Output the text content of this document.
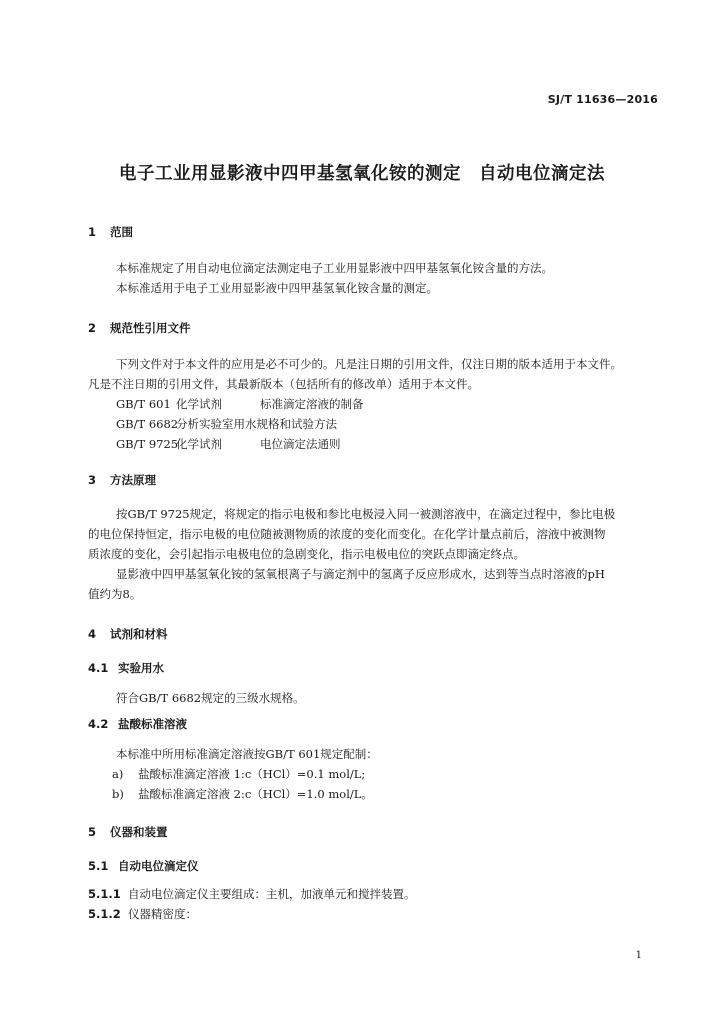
SJ/T 11636—2016
电子工业用显影液中四甲基氢氧化铵的测定　自动电位滴定法
1 范围
本标准规定了用自动电位滴定法测定电子工业用显影液中四甲基氢氧化铵含量的方法。
本标准适用于电子工业用显影液中四甲基氢氧化铵含量的测定。
2 规范性引用文件
下列文件对于本文件的应用是必不可少的。凡是注日期的引用文件，仅注日期的版本适用于本文件。
凡是不注日期的引用文件，其最新版本（包括所有的修改单）适用于本文件。
GB/T 601 化学试剂	标准滴定溶液的制备
GB/T 6682分析实验室用水规格和试验方法
GB/T 9725化学试剂	电位滴定法通则
3 方法原理
按GB/T 9725规定，将规定的指示电极和参比电极浸入同一被测溶液中，在滴定过程中，参比电极
的电位保持恒定，指示电极的电位随被测物质的浓度的变化而变化。在化学计量点前后，溶液中被测物
质浓度的变化，会引起指示电极电位的急剧变化，指示电极电位的突跃点即滴定终点。
显影液中四甲基氢氧化铵的氢氧根离子与滴定剂中的氢离子反应形成水，达到等当点时溶液的pH
值约为8。
4 试剂和材料
4.1 实验用水
符合GB/T 6682规定的三级水规格。
4.2 盐酸标准溶液
本标准中所用标准滴定溶液按GB/T 601规定配制：
a) 盐酸标准滴定溶液 1:c（HCl）=0.1 mol/L;
b) 盐酸标准滴定溶液 2:c（HCl）=1.0 mol/L。
5 仪器和装置
5.1 自动电位滴定仪
5.1.1 自动电位滴定仪主要组成：主机，加液单元和搅拌装置。
5.1.2 仪器精密度：
1
